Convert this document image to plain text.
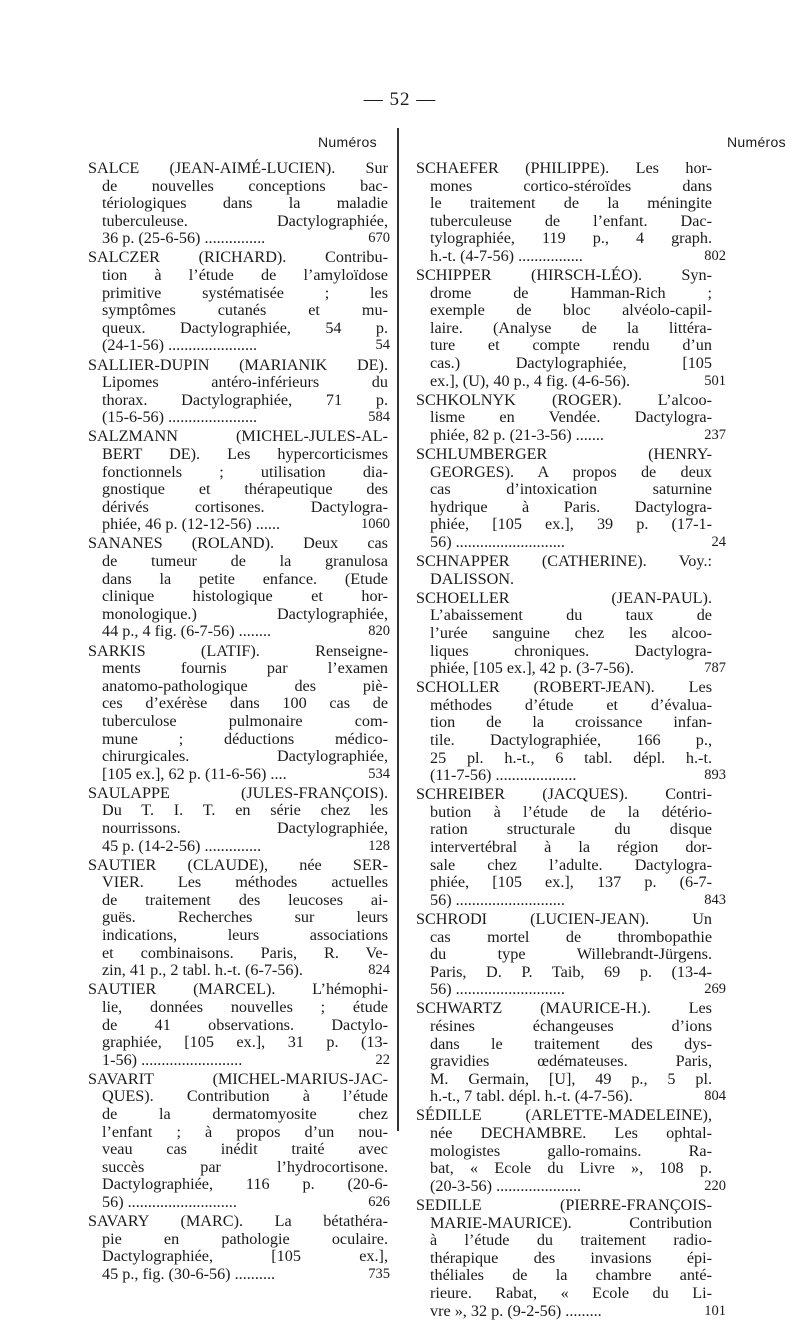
— 52 —
Numéros	Numéros
SALCE (JEAN-AIMÉ-LUCIEN). Sur
de nouvelles conceptions bac-
tériologiques dans la maladie
tuberculeuse. Dactylographiée,
36 p. (25-6-56) ...............	670
SALCZER (RICHARD). Contribu-
tion à l’étude de l’amyloïdose
primitive systématisée ; les
symptômes cutanés et mu-
queux. Dactylographiée, 54 p.
(24-1-56) ......................	54
SALLIER-DUPIN (MARIANIK DE).
Lipomes antéro-inférieurs du
thorax. Dactylographiée, 71 p.
(15-6-56) ......................	584
SALZMANN (MICHEL-JULES-AL-
BERT DE). Les hypercorticismes
fonctionnels ; utilisation dia-
gnostique et thérapeutique des
dérivés cortisones. Dactylogra-
phiée, 46 p. (12-12-56) ......	1060
SANANES (ROLAND). Deux cas
de tumeur de la granulosa
dans la petite enfance. (Etude
clinique histologique et hor-
monologique.) Dactylographiée,
44 p., 4 fig. (6-7-56) ........	820
SARKIS (LATIF). Renseigne-
ments fournis par l’examen
anatomo-pathologique des piè-
ces d’exérèse dans 100 cas de
tuberculose pulmonaire com-
mune ; déductions médico-
chirurgicales. Dactylographiée,
[105 ex.], 62 p. (11-6-56) ....	534
SAULAPPE (JULES-FRANÇOIS).
Du T. I. T. en série chez les
nourrissons. Dactylographiée,
45 p. (14-2-56) ..............	128
SAUTIER (CLAUDE), née SER-
VIER. Les méthodes actuelles
de traitement des leucoses ai-
guës. Recherches sur leurs
indications, leurs associations
et combinaisons. Paris, R. Ve-
zin, 41 p., 2 tabl. h.-t. (6-7-56).	824
SAUTIER (MARCEL). L’hémophi-
lie, données nouvelles ; étude
de 41 observations. Dactylo-
graphiée, [105 ex.], 31 p. (13-
1-56) .........................	22
SAVARIT (MICHEL-MARIUS-JAC-
QUES). Contribution à l’étude
de la dermatomyosite chez
l’enfant ; à propos d’un nou-
veau cas inédit traité avec
succès par l’hydrocortisone.
Dactylographiée, 116 p. (20-6-
56) ...........................	626
SAVARY (MARC). La bétathéra-
pie en pathologie oculaire.
Dactylographiée, [105 ex.],
45 p., fig. (30-6-56) ..........	735
SCHAEFER (PHILIPPE). Les hor-
mones cortico-stéroïdes dans
le traitement de la méningite
tuberculeuse de l’enfant. Dac-
tylographiée, 119 p., 4 graph.
h.-t. (4-7-56) ................	802
SCHIPPER (HIRSCH-LÉO). Syn-
drome de Hamman-Rich ;
exemple de bloc alvéolo-capil-
laire. (Analyse de la littéra-
ture et compte rendu d’un
cas.) Dactylographiée, [105
ex.], (U), 40 p., 4 fig. (4-6-56).	501
SCHKOLNYK (ROGER). L’alcoo-
lisme en Vendée. Dactylogra-
phiée, 82 p. (21-3-56) .......	237
SCHLUMBERGER (HENRY-
GEORGES). A propos de deux
cas d’intoxication saturnine
hydrique à Paris. Dactylogra-
phiée, [105 ex.], 39 p. (17-1-
56) ...........................	24
SCHNAPPER (CATHERINE). Voy.:
DALISSON.
SCHOELLER (JEAN-PAUL).
L’abaissement du taux de
l’urée sanguine chez les alcoo-
liques chroniques. Dactylogra-
phiée, [105 ex.], 42 p. (3-7-56).	787
SCHOLLER (ROBERT-JEAN). Les
méthodes d’étude et d’évalua-
tion de la croissance infan-
tile. Dactylographiée, 166 p.,
25 pl. h.-t., 6 tabl. dépl. h.-t.
(11-7-56) ....................	893
SCHREIBER (JACQUES). Contri-
bution à l’étude de la détério-
ration structurale du disque
intervertébral à la région dor-
sale chez l’adulte. Dactylogra-
phiée, [105 ex.], 137 p. (6-7-
56) ...........................	843
SCHRODI (LUCIEN-JEAN). Un
cas mortel de thrombopathie
du type Willebrandt-Jürgens.
Paris, D. P. Taib, 69 p. (13-4-
56) ...........................	269
SCHWARTZ (MAURICE-H.). Les
résines échangeuses d’ions
dans le traitement des dys-
gravidies œdémateuses. Paris,
M. Germain, [U], 49 p., 5 pl.
h.-t., 7 tabl. dépl. h.-t. (4-7-56).	804
SÉDILLE (ARLETTE-MADELEINE),
née DECHAMBRE. Les ophtal-
mologistes gallo-romains. Ra-
bat, « Ecole du Livre », 108 p.
(20-3-56) .....................	220
SEDILLE (PIERRE-FRANÇOIS-
MARIE-MAURICE). Contribution
à l’étude du traitement radio-
thérapique des invasions épi-
théliales de la chambre anté-
rieure. Rabat, « Ecole du Li-
vre », 32 p. (9-2-56) .........	101
